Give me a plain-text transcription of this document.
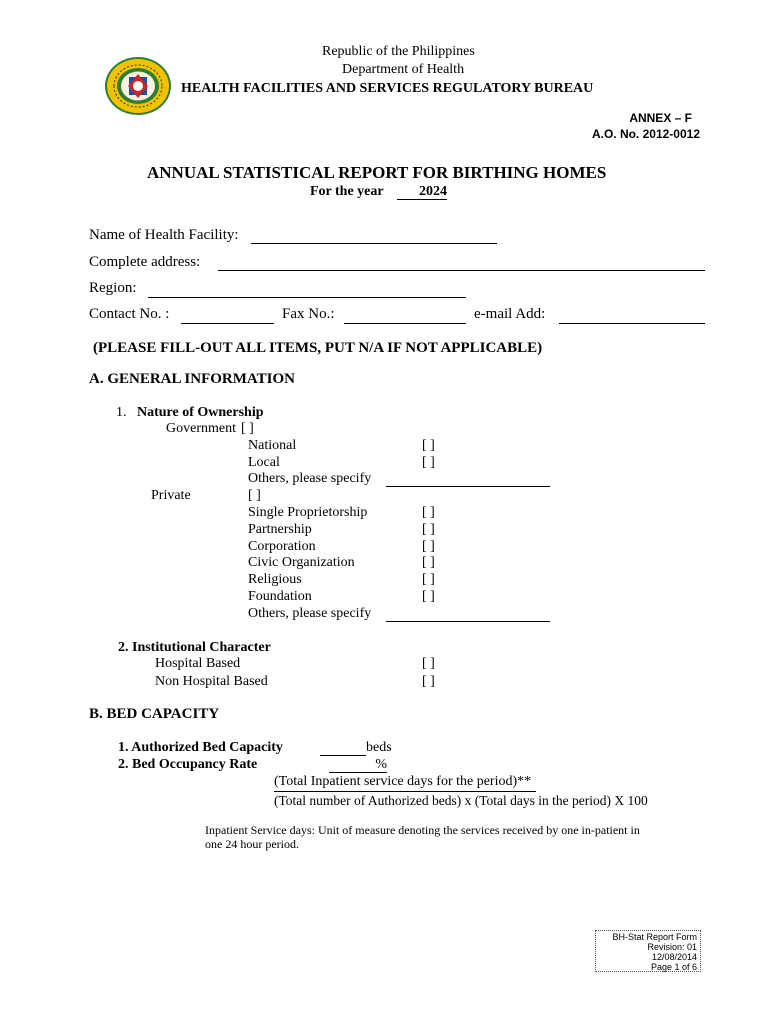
Republic of the Philippines
Department of Health
HEALTH FACILITIES AND SERVICES REGULATORY BUREAU
ANNEX – F
A.O. No. 2012-0012
ANNUAL STATISTICAL REPORT FOR BIRTHING HOMES
For the year	2024
Name of Health Facility:
Complete address:
Region:
Contact No. :	Fax No.:	e-mail Add:
(PLEASE FILL-OUT ALL ITEMS, PUT N/A IF NOT APPLICABLE)
A. GENERAL INFORMATION
1. Nature of Ownership
Government [ ]
National	[ ]
Local	[ ]
Others, please specify
Private	[ ]
Single Proprietorship	[ ]
Partnership	[ ]
Corporation	[ ]
Civic Organization	[ ]
Religious	[ ]
Foundation	[ ]
Others, please specify
2. Institutional Character
Hospital Based	[ ]
Non Hospital Based	[ ]
B. BED CAPACITY
1. Authorized Bed Capacity	beds
2. Bed Occupancy Rate	%
(Total Inpatient service days for the period)**
(Total number of Authorized beds) x (Total days in the period) X 100
Inpatient Service days: Unit of measure denoting the services received by one in-patient in
one 24 hour period.
BH-Stat Report Form
Revision: 01
12/08/2014
Page 1 of 6
